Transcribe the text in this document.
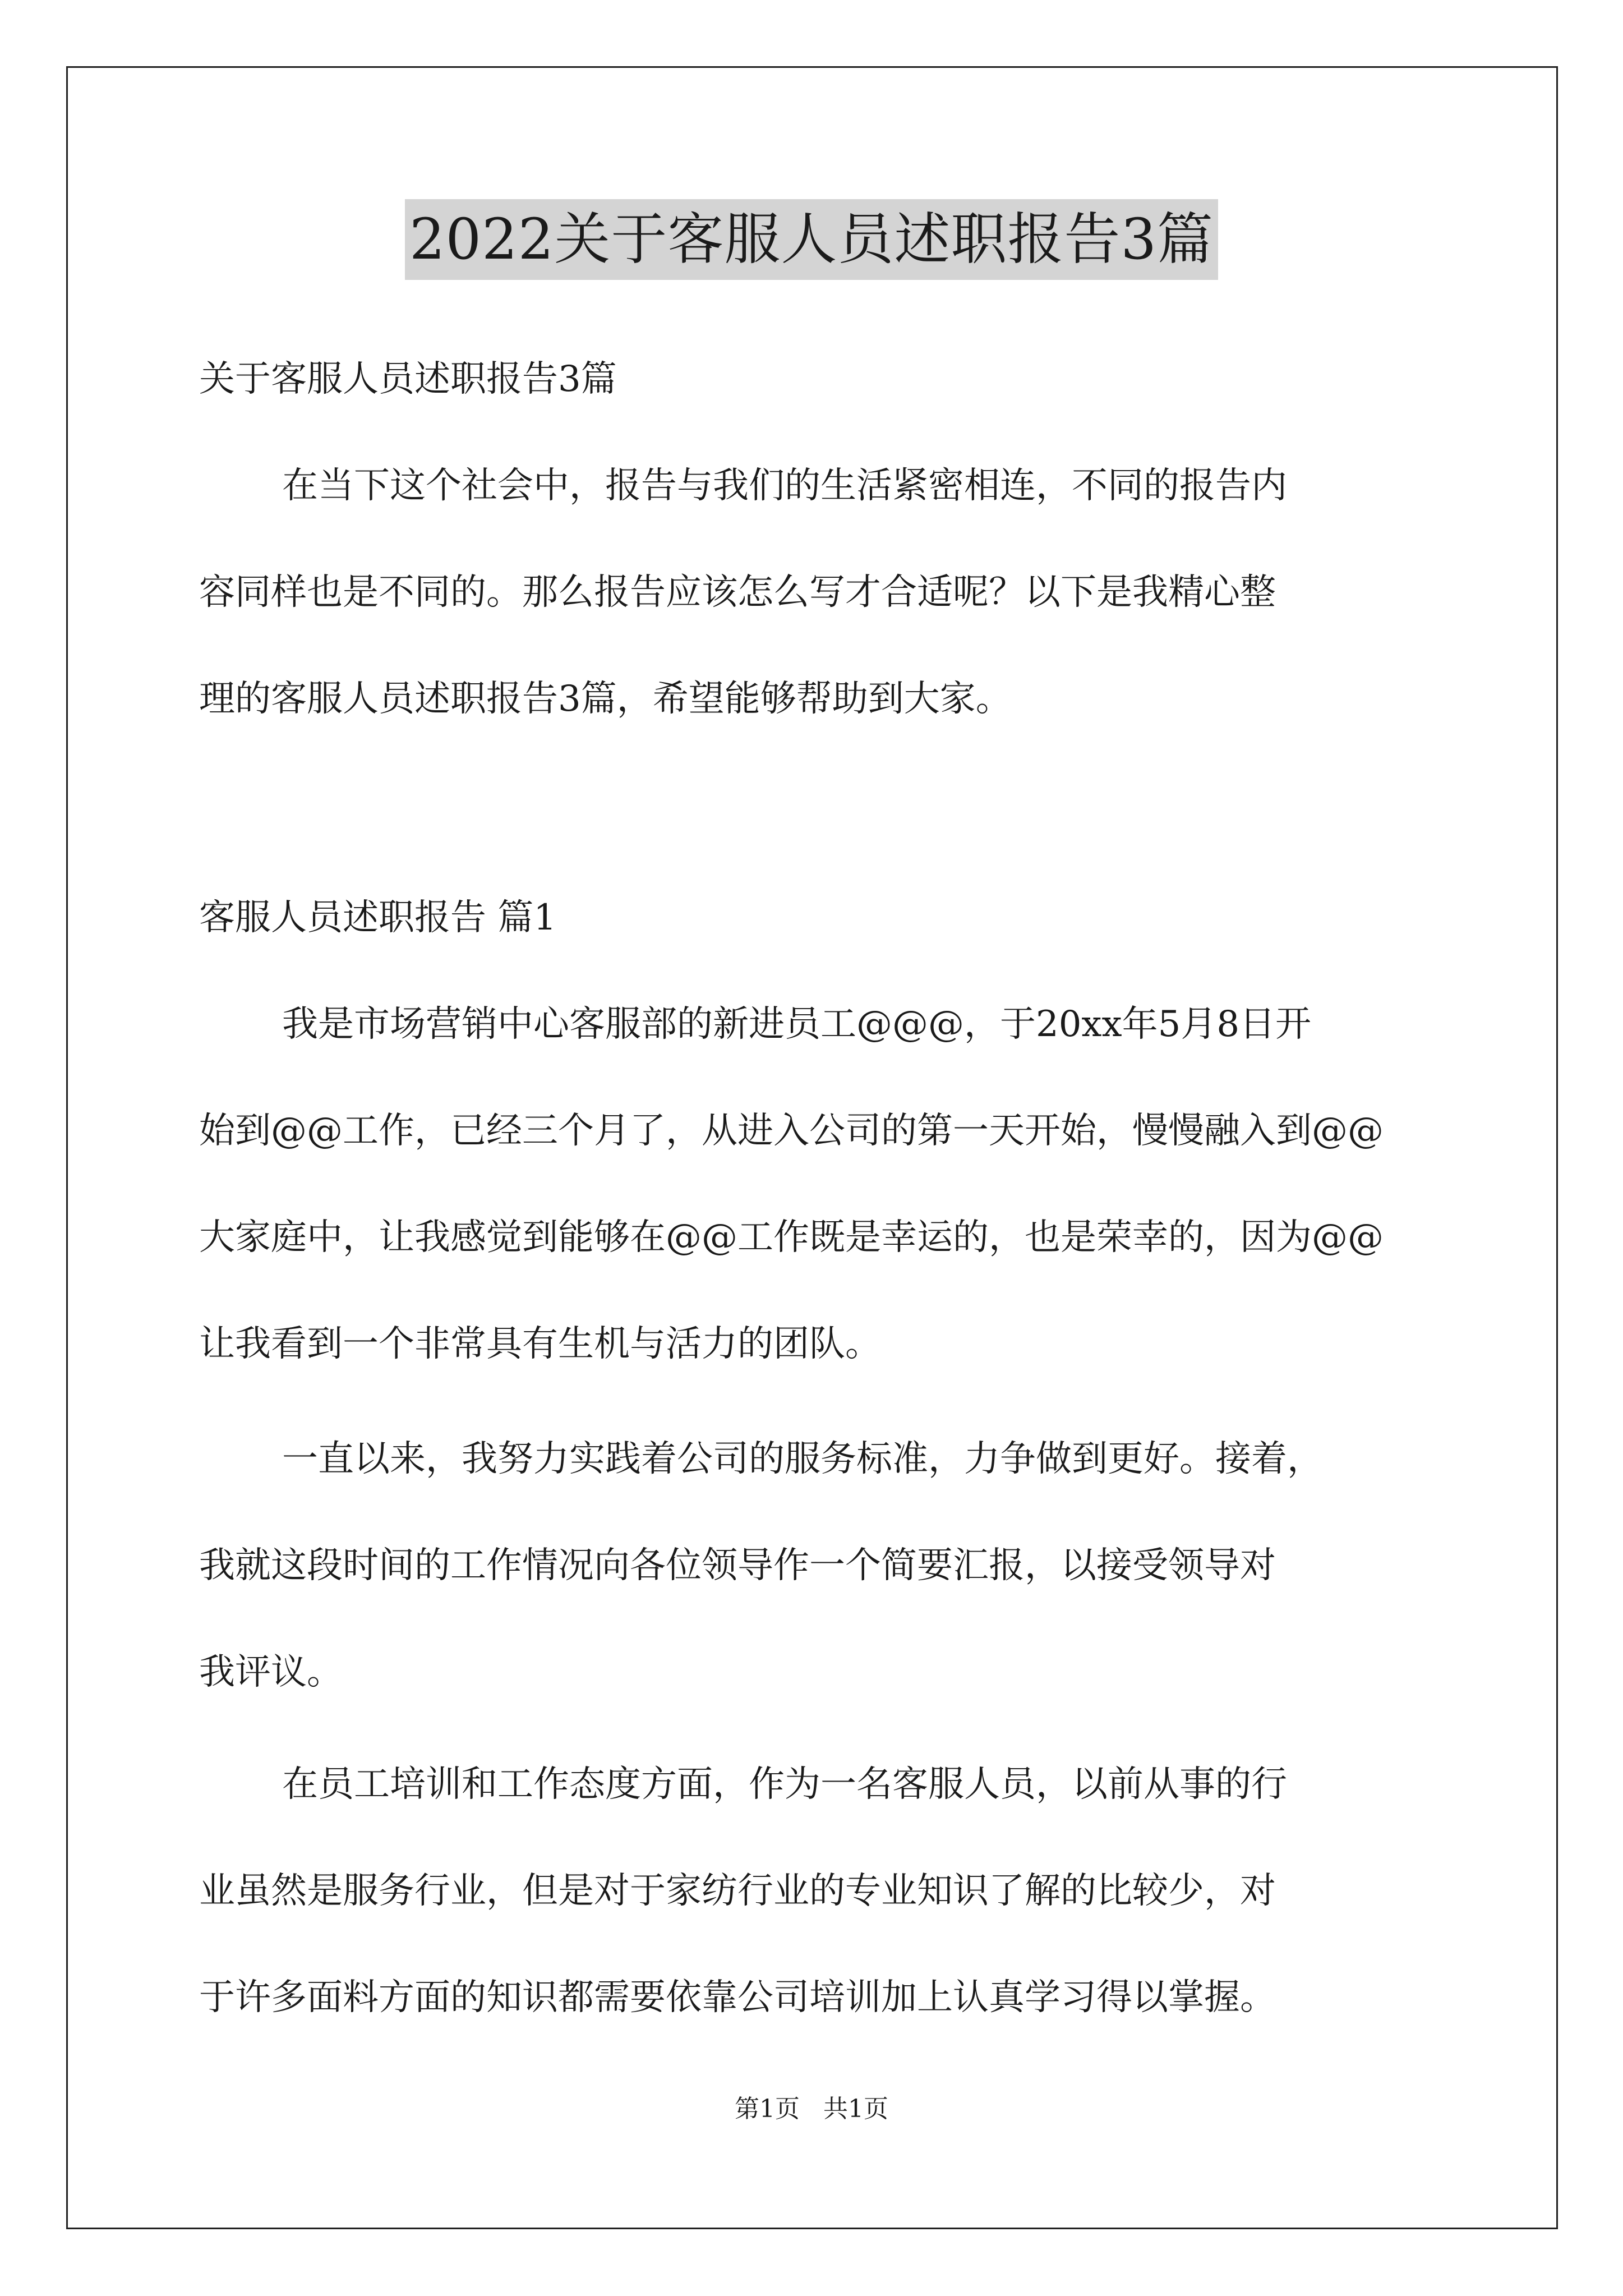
2022关于客服人员述职报告3篇
关于客服人员述职报告3篇
在当下这个社会中，报告与我们的生活紧密相连，不同的报告内
容同样也是不同的。那么报告应该怎么写才合适呢？以下是我精心整
理的客服人员述职报告3篇，希望能够帮助到大家。
客服人员述职报告 篇1
我是市场营销中心客服部的新进员工@@@，于20xx年5月8日开
始到@@工作，已经三个月了，从进入公司的第一天开始，慢慢融入到@@
大家庭中，让我感觉到能够在@@工作既是幸运的，也是荣幸的，因为@@
让我看到一个非常具有生机与活力的团队。
一直以来，我努力实践着公司的服务标准，力争做到更好。接着，
我就这段时间的工作情况向各位领导作一个简要汇报，以接受领导对
我评议。
在员工培训和工作态度方面，作为一名客服人员，以前从事的行
业虽然是服务行业，但是对于家纺行业的专业知识了解的比较少，对
于许多面料方面的知识都需要依靠公司培训加上认真学习得以掌握。
第1页 共1页
